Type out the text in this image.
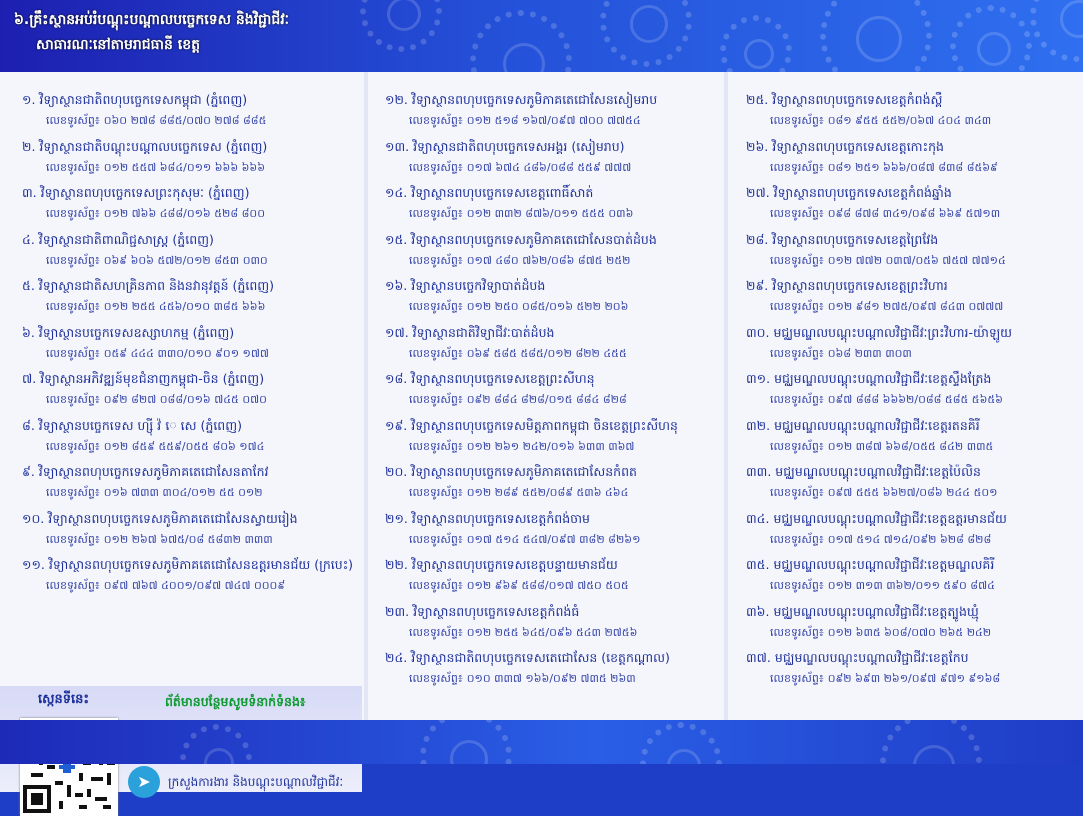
៦.គ្រឹះស្ថានអប់រំបណ្តុះបណ្តាលបច្ចេកទេស និងវិជ្ជាជីវៈ
សាធារណៈនៅតាមរាជធានី ខេត្ត
១. វិទ្យាស្ថានជាតិពហុបច្ចេកទេសកម្ពុជា (ភ្នំពេញ)
លេខទូរស័ព្ទ៖ ០៦០ ២៧៨ ៨៨៥/០៧០ ២៧៨ ៨៨៥
២. វិទ្យាស្ថានជាតិបណ្តុះបណ្តាលបច្ចេកទេស (ភ្នំពេញ)
លេខទូរស័ព្ទ៖ ០១២ ៥៥៧ ៦៨៤/០១១ ៦៦៦ ៦៦៦
៣. វិទ្យាស្ថានពហុបច្ចេកទេសព្រះកុសុមៈ (ភ្នំពេញ)
លេខទូរស័ព្ទ៖ ០១២ ៧៦៦ ៤៨៨/០១៦ ៥២៨ ៨០០
៤. វិទ្យាស្ថានជាតិពាណិជ្ជសាស្ត្រ (ភ្នំពេញ)
លេខទូរស័ព្ទ៖ ០៦៩ ៦០៦ ៥៧២/០១២ ៨៥៣ ០៣០
៥. វិទ្យាស្ថានជាតិសហគ្រិនភាព និងនវានុវត្តន៍ (ភ្នំពេញ)
លេខទូរស័ព្ទ៖ ០១២ ២៥៥ ៤៥៦/០១០ ៣៨៥ ៦៦៦
៦. វិទ្យាស្ថានបច្ចេកទេសឧស្សាហកម្ម (ភ្នំពេញ)
លេខទូរស័ព្ទ៖ ០៥៩ ៤៤៤ ៣៣០/០១០ ៩០១ ១៧៧
៧. វិទ្យាស្ថានអភិវឌ្ឍន៍មុខជំនាញកម្ពុជា-ចិន (ភ្នំពេញ)
លេខទូរស័ព្ទ៖ ០៩២ ៨២៧ ០៨៨/០១៦ ៧៤៥ ០៧០
៨. វិទ្យាស្ថានបច្ចេកទេស ហ្ស៊ី វ៉ េ សេ (ភ្នំពេញ)
លេខទូរស័ព្ទ៖ ០១២ ៨៥៩ ៥៥៩/០៥៥ ៨០៦ ១៧៤
៩. វិទ្យាស្ថានពហុបច្ចេកទេសភូមិភាគតេជោសែនតាកែវ
លេខទូរស័ព្ទ៖ ០១៦ ៧៣៣ ៣០៤/០១២ ៥៥ ០១២
១០. វិទ្យាស្ថានពហុបច្ចេកទេសភូមិភាគតេជោសែនស្វាយរៀង
លេខទូរស័ព្ទ៖ ០១២ ២៦៧ ៦៧៥/០៨ ៥៨៣២ ៣៣៣
១១. វិទ្យាស្ថានពហុបច្ចេកទេសភូមិភាគតេជោសែនឧត្តរមានជ័យ (ក្របេះ)
លេខទូរស័ព្ទ៖ ០៩៧ ៧៦៧ ៤០០១/០៩៧ ៧៤៧ ០០០៩
១២. វិទ្យាស្ថានពហុបច្ចេកទេសភូមិភាគតេជោសែនសៀមរាប
លេខទូរស័ព្ទ៖ ០១២ ៥១៨ ១៦៧/០៩៧ ៧០០ ៧៧៥៤
១៣. វិទ្យាស្ថានជាតិពហុបច្ចេកទេសអង្គរ (សៀមរាប)
លេខទូរស័ព្ទ៖ ០១៧ ៦៧៤ ៤៨៦/០៨៨ ៥៥៩ ៧៧៧
១៤. វិទ្យាស្ថានពហុបច្ចេកទេសខេត្តពោធិ៍សាត់
លេខទូរស័ព្ទ៖ ០១២ ៣៣២ ៨៧៦/០១១ ៥៥៥ ០៣៦
១៥. វិទ្យាស្ថានពហុបច្ចេកទេសភូមិភាគតេជោសែនបាត់ដំបង
លេខទូរស័ព្ទ៖ ០១៧ ៤៨០ ៧៦២/០៨៦ ៨៧៥ ២៥២
១៦. វិទ្យាស្ថានបច្ចេកវិទ្យាបាត់ដំបង
លេខទូរស័ព្ទ៖ ០១២ ២៥០ ០៨៥/០១៦ ៥២២ ២០៦
១៧. វិទ្យាស្ថានជាតិវិទ្យាជីវៈបាត់ដំបង
លេខទូរស័ព្ទ៖ ០៦៩ ៥៨៥ ៥៨៥/០១២ ៨២២ ៤៥៥
១៨. វិទ្យាស្ថានពហុបច្ចេកទេសខេត្តព្រះសីហនុ
លេខទូរស័ព្ទ៖ ០៩២ ៨៨៤ ៨២៨/០១៥ ៨៨៤ ៨២៨
១៩. វិទ្យាស្ថានពហុបច្ចេកទេសមិត្តភាពកម្ពុជា ចិនខេត្តព្រះសីហនុ
លេខទូរស័ព្ទ៖ ០១២ ២៦១ ២៤២/០១៦ ៦៣៣ ៣៦៧
២០. វិទ្យាស្ថានពហុបច្ចេកទេសភូមិភាគតេជោសែនកំពត
លេខទូរស័ព្ទ៖ ០១២ ២៨៩ ៥៥២/០៨៩ ៥៣៦ ៤៦៤
២១. វិទ្យាស្ថានពហុបច្ចេកទេសខេត្តកំពង់ចាម
លេខទូរស័ព្ទ៖ ០១៧ ៥១៤ ៥៤៧/០៩៧ ៣៨២ ៨២៦១
២២. វិទ្យាស្ថានពហុបច្ចេកទេសខេត្តបន្ទាយមានជ័យ
លេខទូរស័ព្ទ៖ ០១២ ៩៦៩ ៥៨៨/០១៧ ៧៥០ ៥០៥
២៣. វិទ្យាស្ថានពហុបច្ចេកទេសខេត្តកំពង់ធំ
លេខទូរស័ព្ទ៖ ០១២ ២៥៥ ៦៤៥/០៩៦ ៥៤៣ ២៧៥៦
២៤. វិទ្យាស្ថានជាតិពហុបច្ចេកទេសតេជោសែន (ខេត្តកណ្តាល)
លេខទូរស័ព្ទ៖ ០១០ ៣៣៧ ១៦៦/០៩២ ៧៣៥ ២៦៣
២៥. វិទ្យាស្ថានពហុបច្ចេកទេសខេត្តកំពង់ស្ពឺ
លេខទូរស័ព្ទ៖ ០៨១ ៩៥៥ ៥៥២/០៦៧ ៤០៤ ៣៤៣
២៦. វិទ្យាស្ថានពហុបច្ចេកទេសខេត្តកោះកុង
លេខទូរស័ព្ទ៖ ០៨១ ២៥១ ៦៦៦/០៨៧ ៨៣៨ ៨៥៦៩
២៧. វិទ្យាស្ថានពហុបច្ចេកទេសខេត្តកំពង់ឆ្នាំង
លេខទូរស័ព្ទ៖ ០៩៨ ៨៧៨ ៣៤១/០៩៨ ៦៦៩ ៥៧១៣
២៨. វិទ្យាស្ថានពហុបច្ចេកទេសខេត្តព្រៃវែង
លេខទូរស័ព្ទ៖ ០១២ ៧៧២ ០៣៧/០៥៦ ៧៥៧ ៧៧១៤
២៩. វិទ្យាស្ថានពហុបច្ចេកទេសខេត្តព្រះវិហារ
លេខទូរស័ព្ទ៖ ០១២ ៩៨១ ២៧៥/០៩៧ ៨៤៣ ០៧៧៧
៣០. មជ្ឈមណ្ឌលបណ្តុះបណ្តាលវិជ្ជាជីវៈព្រះវិហារ-យ៉ាឡូយ
លេខទូរស័ព្ទ៖ ០៦៨ ២៣៣ ៣០៣
៣១. មជ្ឈមណ្ឌលបណ្តុះបណ្តាលវិជ្ជាជីវៈខេត្តស្ទឹងត្រែង
លេខទូរស័ព្ទ៖ ០៩៧ ៨៨៨ ៦៦៦២/០៨៨ ៥៨៥ ៥៦៥៦
៣២. មជ្ឈមណ្ឌលបណ្តុះបណ្តាលវិជ្ជាជីវៈខេត្តរតនគិរី
លេខទូរស័ព្ទ៖ ០១២ ៣៨៧ ៦៦៨/០៥៥ ៨៤២ ៣៣៥
៣៣. មជ្ឈមណ្ឌលបណ្តុះបណ្តាលវិជ្ជាជីវៈខេត្តប៉ៃលិន
លេខទូរស័ព្ទ៖ ០៩៧ ៥៥៥ ៦៦២៧/០៨៦ ២៤៤ ៥០១
៣៤. មជ្ឈមណ្ឌលបណ្តុះបណ្តាលវិជ្ជាជីវៈខេត្តឧត្តរមានជ័យ
លេខទូរស័ព្ទ៖ ០១៧ ៥១៤ ៧១៤/០៩២ ៦២៨ ៨២៨
៣៥. មជ្ឈមណ្ឌលបណ្តុះបណ្តាលវិជ្ជាជីវៈខេត្តមណ្ឌលគិរី
លេខទូរស័ព្ទ៖ ០១២ ៣១៣ ៣៦២/០១១ ៥៩០ ៨៧៤
៣៦. មជ្ឈមណ្ឌលបណ្តុះបណ្តាលវិជ្ជាជីវៈខេត្តត្បូងឃ្មុំ
លេខទូរស័ព្ទ៖ ០១២ ៦៣៥ ៦០៨/០៧០ ២៦៥ ២៤២
៣៧. មជ្ឈមណ្ឌលបណ្តុះបណ្តាលវិជ្ជាជីវៈខេត្តកែប
លេខទូរស័ព្ទ៖ ០៩២ ៦៩៣ ២៦១/០៩៧ ៩៧១ ៩១៦៨
ស្កេនទីនេះ	ព័ត៌មានបន្ថែមសូមទំនាក់ទំនង៖
➤	ក្រសួងការងារ និងបណ្តុះបណ្តាលវិជ្ជាជីវៈ
